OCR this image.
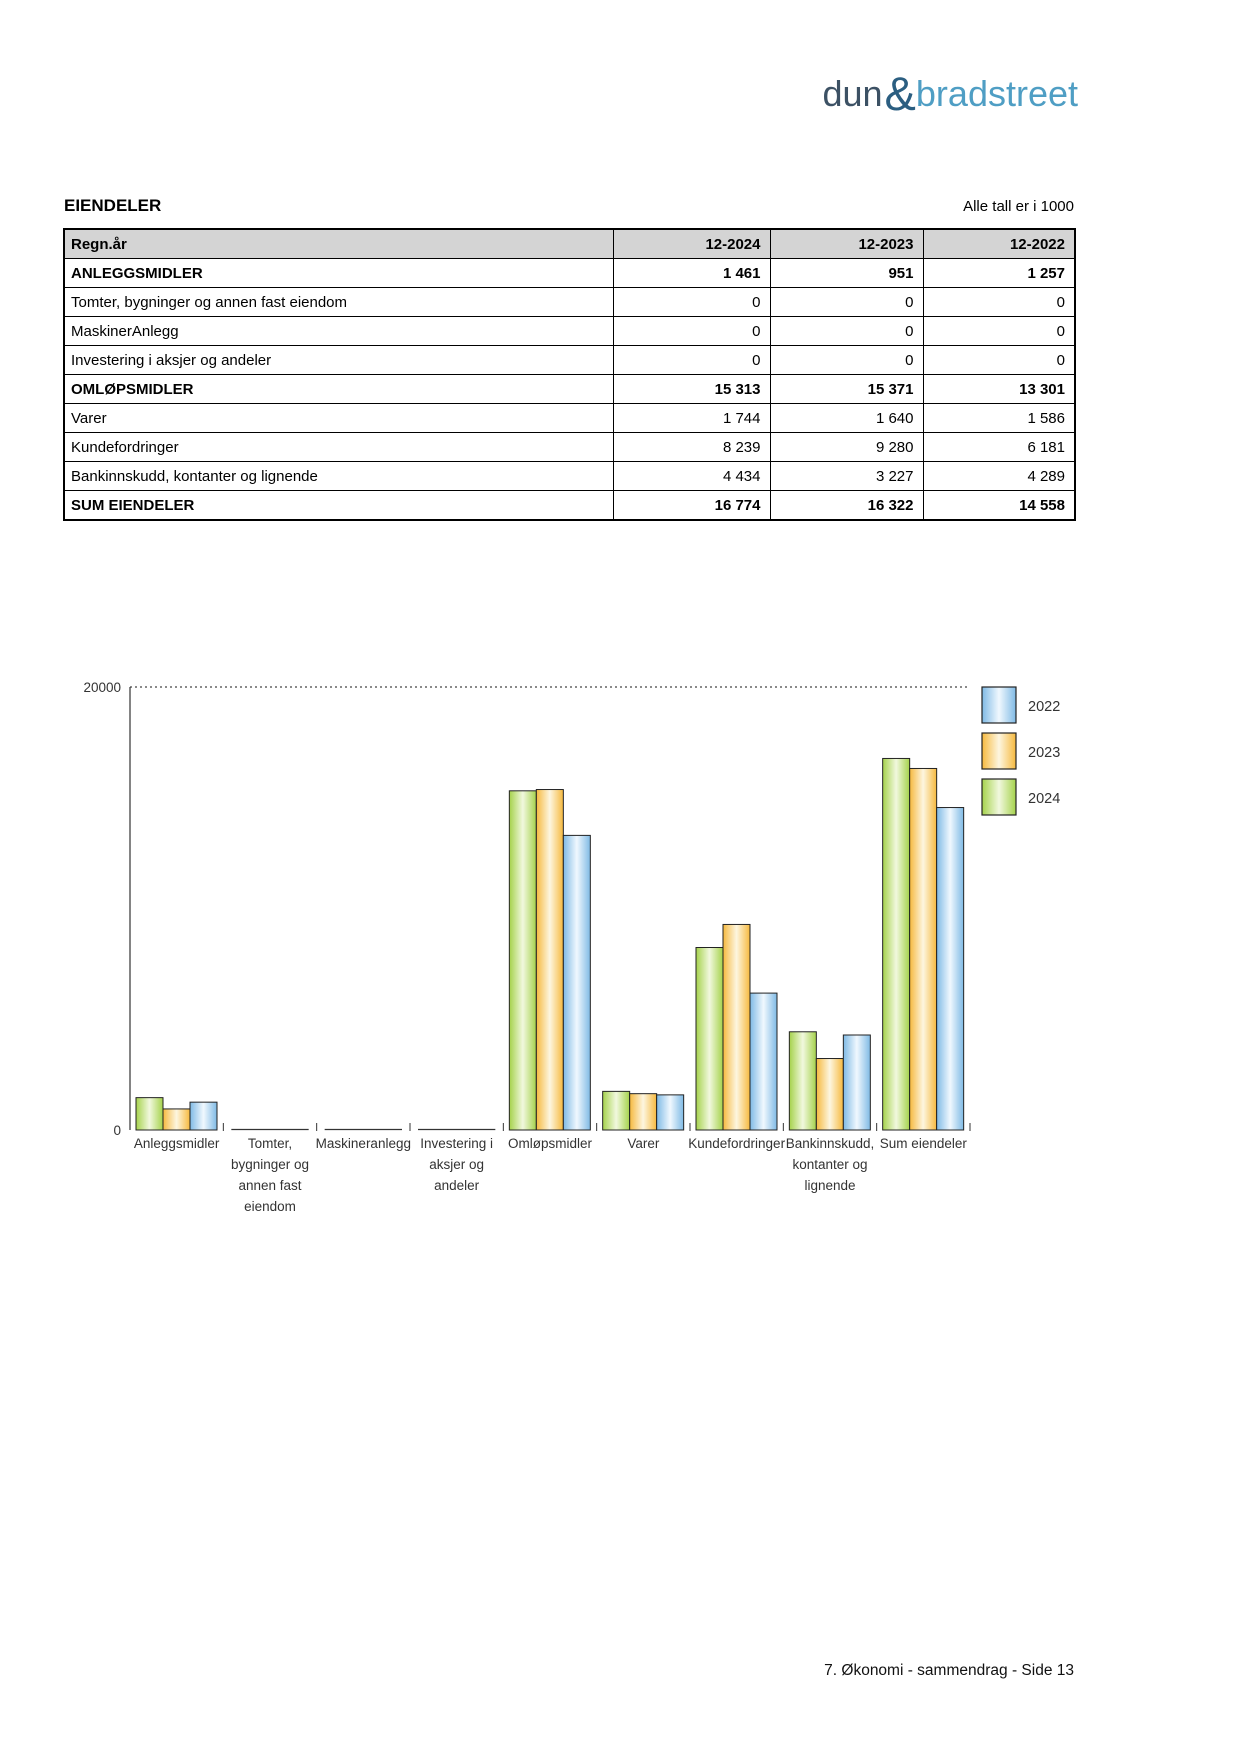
dun&bradstreet
EIENDELER	Alle tall er i 1000
Regn.år	12-2024	12-2023	12-2022
ANLEGGSMIDLER	1 461	951	1 257
Tomter, bygninger og annen fast eiendom	0	0	0
MaskinerAnlegg	0	0	0
Investering i aksjer og andeler	0	0	0
OMLØPSMIDLER	15 313	15 371	13 301
Varer	1 744	1 640	1 586
Kundefordringer	8 239	9 280	6 181
Bankinnskudd, kontanter og lignende	4 434	3 227	4 289
SUM EIENDELER	16 774	16 322	14 558
0
20000
Anleggsmidler Tomter,
bygninger og
annen fast
eiendom
Maskineranlegg Investering i
aksjer og
andeler
Omløpsmidler	Varer Kundefordringer Bankinnskudd,
kontanter og
lignende
Sum eiendeler
2022
2023
2024
7. Økonomi - sammendrag - Side 13
